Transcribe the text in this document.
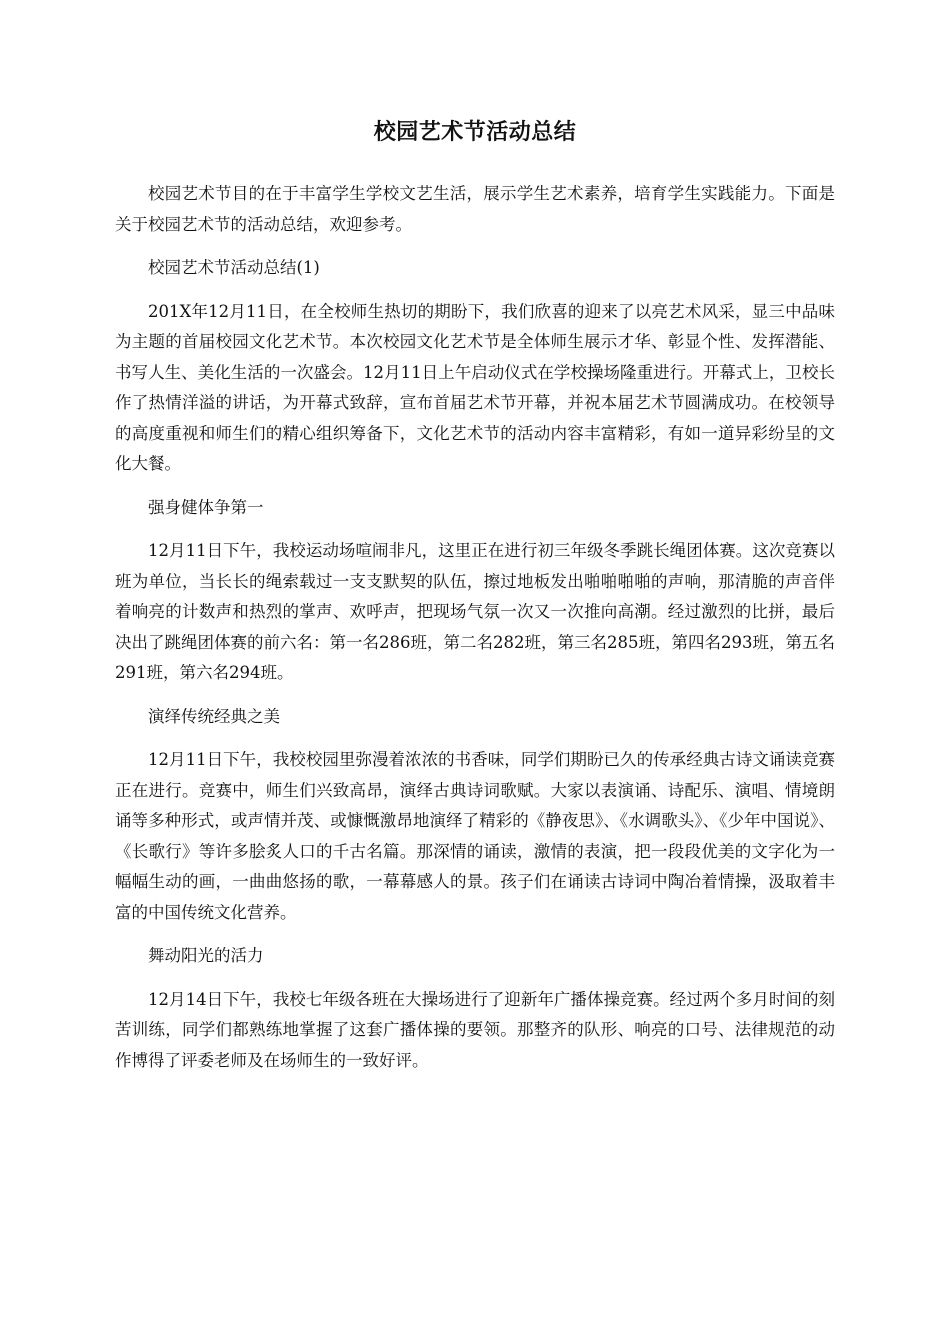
校园艺术节活动总结

校园艺术节目的在于丰富学生学校文艺生活，展示学生艺术素养，培育学生实践能力。下面是关于校园艺术节的活动总结，欢迎参考。

校园艺术节活动总结(1)

201X年12月11日，在全校师生热切的期盼下，我们欣喜的迎来了以亮艺术风采，显三中品味为主题的首届校园文化艺术节。本次校园文化艺术节是全体师生展示才华、彰显个性、发挥潜能、书写人生、美化生活的一次盛会。12月11日上午启动仪式在学校操场隆重进行。开幕式上，卫校长作了热情洋溢的讲话，为开幕式致辞，宣布首届艺术节开幕，并祝本届艺术节圆满成功。在校领导的高度重视和师生们的精心组织筹备下，文化艺术节的活动内容丰富精彩，有如一道异彩纷呈的文化大餐。

强身健体争第一

12月11日下午，我校运动场喧闹非凡，这里正在进行初三年级冬季跳长绳团体赛。这次竞赛以班为单位，当长长的绳索载过一支支默契的队伍，擦过地板发出啪啪啪啪的声响，那清脆的声音伴着响亮的计数声和热烈的掌声、欢呼声，把现场气氛一次又一次推向高潮。经过激烈的比拼，最后决出了跳绳团体赛的前六名：第一名286班，第二名282班，第三名285班，第四名293班，第五名291班，第六名294班。

演绎传统经典之美

12月11日下午，我校校园里弥漫着浓浓的书香味，同学们期盼已久的传承经典古诗文诵读竞赛正在进行。竞赛中，师生们兴致高昂，演绎古典诗词歌赋。大家以表演诵、诗配乐、演唱、情境朗诵等多种形式，或声情并茂、或慷慨激昂地演绎了精彩的《静夜思》、《水调歌头》、《少年中国说》、《长歌行》等许多脍炙人口的千古名篇。那深情的诵读，激情的表演，把一段段优美的文字化为一幅幅生动的画，一曲曲悠扬的歌，一幕幕感人的景。孩子们在诵读古诗词中陶冶着情操，汲取着丰富的中国传统文化营养。

舞动阳光的活力

12月14日下午，我校七年级各班在大操场进行了迎新年广播体操竞赛。经过两个多月时间的刻苦训练，同学们都熟练地掌握了这套广播体操的要领。那整齐的队形、响亮的口号、法律规范的动作博得了评委老师及在场师生的一致好评。
